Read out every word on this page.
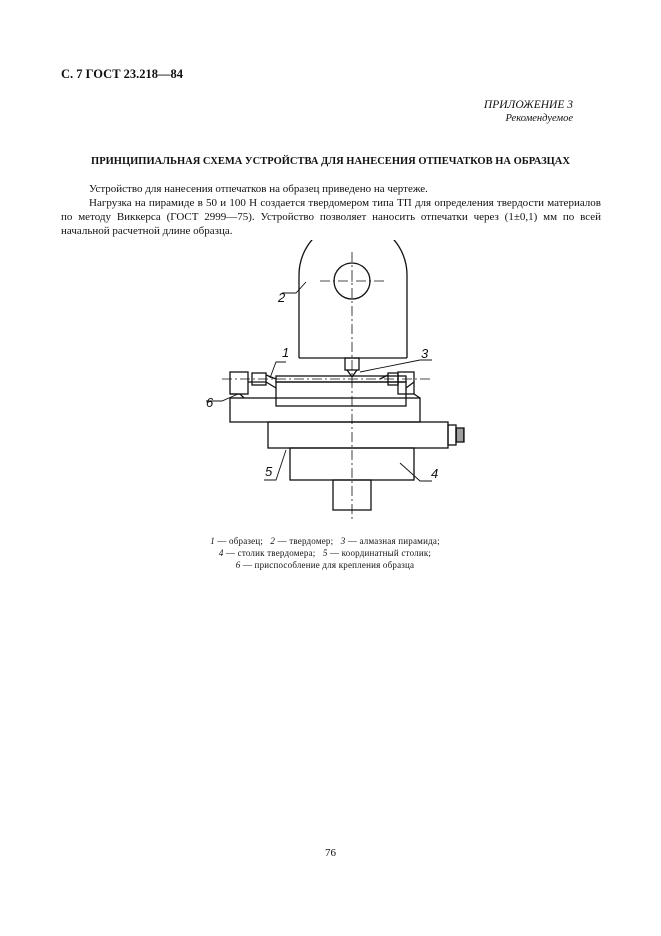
С. 7 ГОСТ 23.218—84
ПРИЛОЖЕНИЕ 3
Рекомендуемое
ПРИНЦИПИАЛЬНАЯ СХЕМА УСТРОЙСТВА ДЛЯ НАНЕСЕНИЯ ОТПЕЧАТКОВ НА ОБРАЗЦАХ

Устройство для нанесения отпечатков на образец приведено на чертеже.

Нагрузка на пирамиде в 50 и 100 Н создается твердомером типа ТП для определения твердости материалов по методу Виккерса (ГОСТ 2999—75). Устройство позволяет наносить отпечатки через (1±0,1) мм по всей начальной расчетной длине образца.

1
2
3
4
5
6
1 — образец; 2 — твердомер; 3 — алмазная пирамида;
4 — столик твердомера; 5 — координатный столик;
6 — приспособление для крепления образца
76
